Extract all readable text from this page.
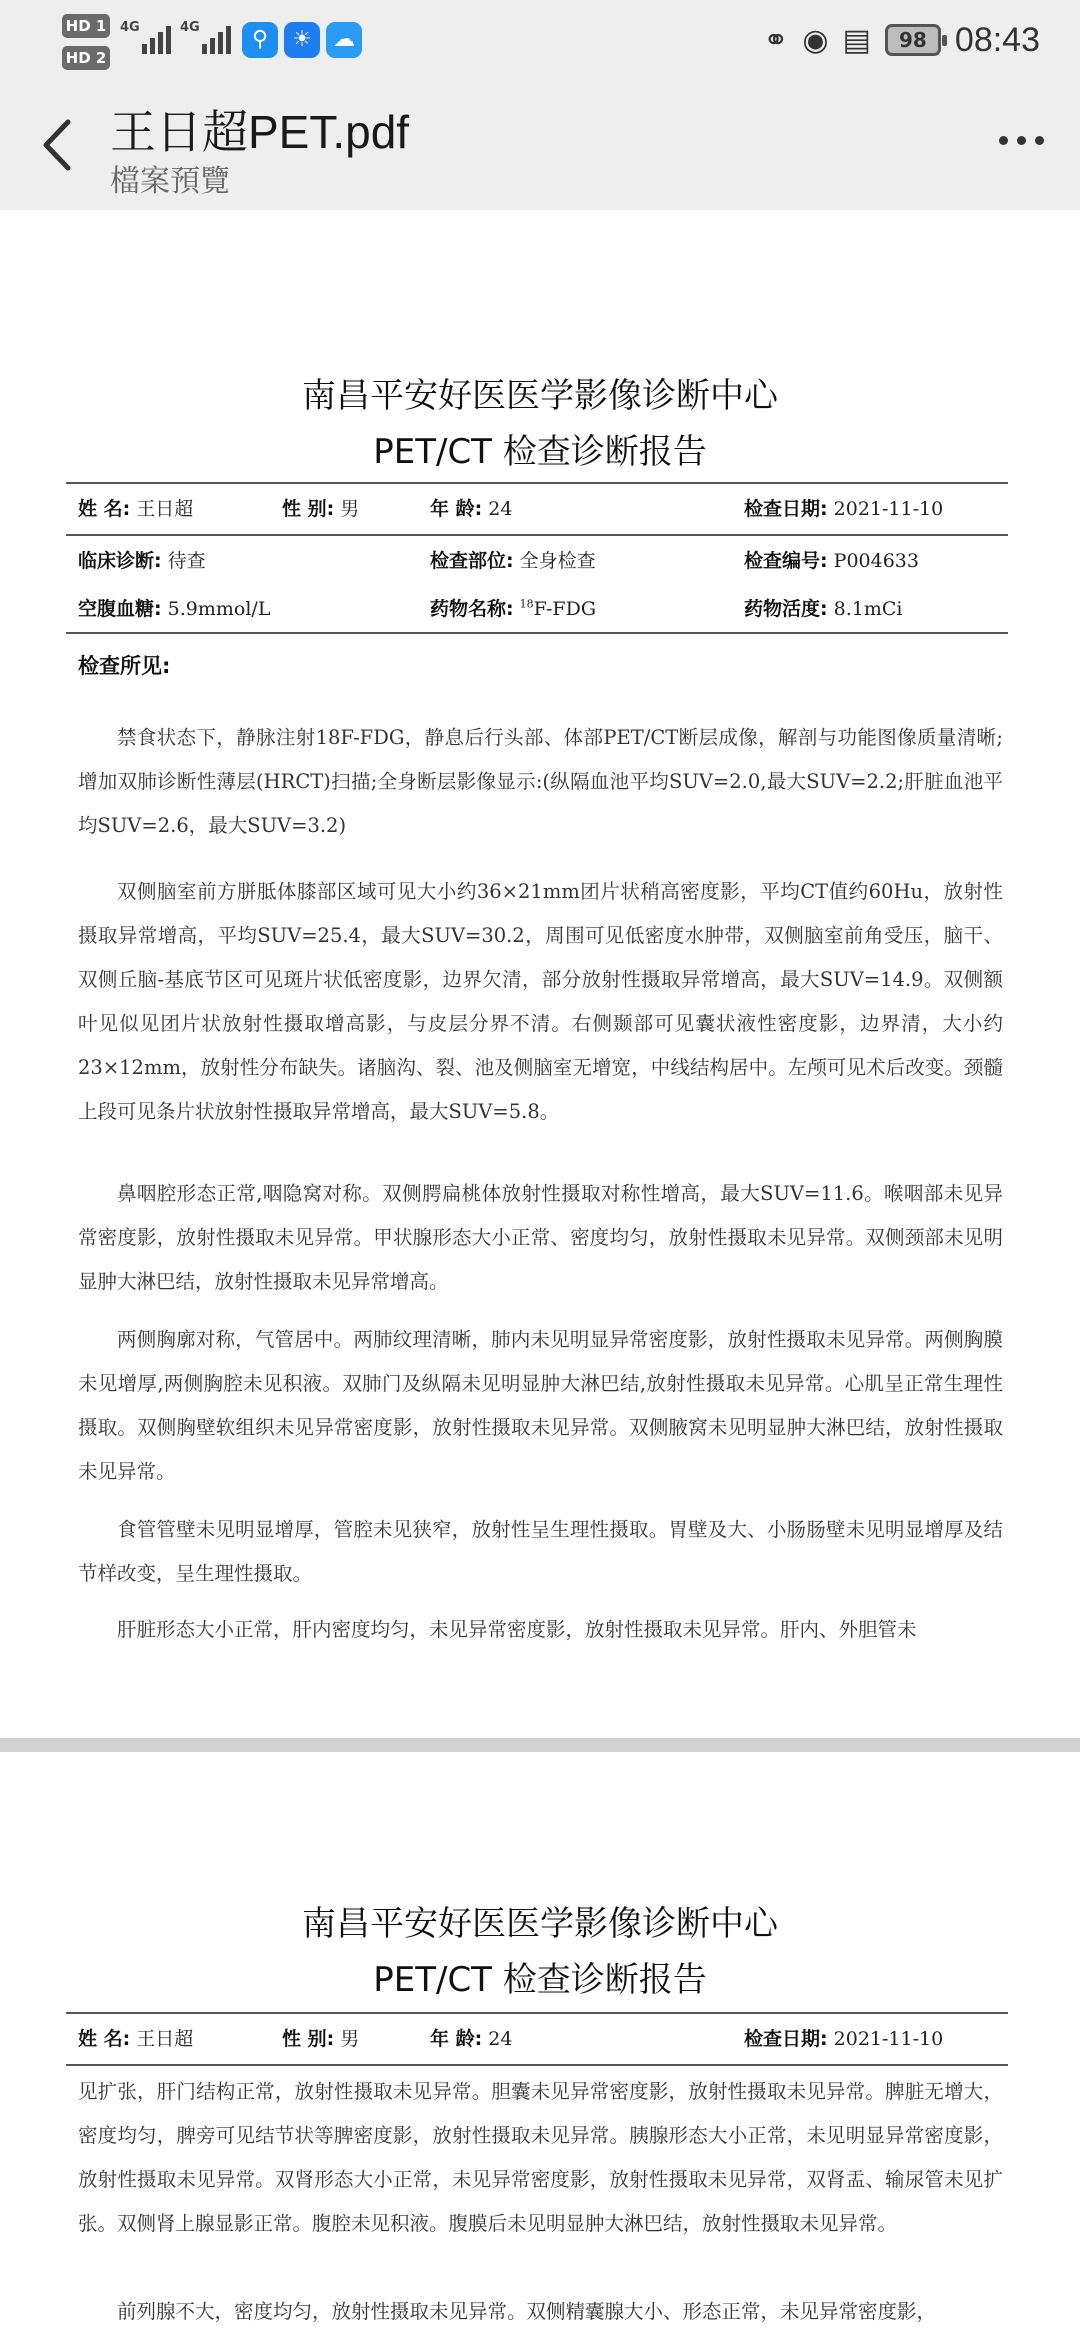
HD 1
HD 2
4G	4G	⚲	☀ ☁	⚭ ◉ ▤	98 08:43
王日超PET.pdf
檔案預覽
南昌平安好医医学影像诊断中心
PET/CT 检查诊断报告
姓 名: 王日超	性 别: 男	年 龄: 24	检查日期: 2021-11-10
临床诊断: 待查	检查部位: 全身检查	检查编号: P004633
空腹血糖: 5.9mmol/L	药物名称: $^{18}$F-FDG	药物活度: 8.1mCi
检查所见:
禁食状态下，静脉注射18F-FDG，静息后行头部、体部PET/CT断层成像，解剖与功能图像质量清晰;增加双肺诊断性薄层(HRCT)扫描;全身断层影像显示:(纵隔血池平均SUV=2.0,最大SUV=2.2;肝脏血池平均SUV=2.6，最大SUV=3.2)
双侧脑室前方胼胝体膝部区域可见大小约36×21mm团片状稍高密度影，平均CT值约60Hu，放射性摄取异常增高，平均SUV=25.4，最大SUV=30.2，周围可见低密度水肿带，双侧脑室前角受压，脑干、双侧丘脑-基底节区可见斑片状低密度影，边界欠清，部分放射性摄取异常增高，最大SUV=14.9。双侧额叶见似见团片状放射性摄取增高影，与皮层分界不清。右侧颞部可见囊状液性密度影，边界清，大小约23×12mm，放射性分布缺失。诸脑沟、裂、池及侧脑室无增宽，中线结构居中。左颅可见术后改变。颈髓上段可见条片状放射性摄取异常增高，最大SUV=5.8。
鼻咽腔形态正常,咽隐窝对称。双侧腭扁桃体放射性摄取对称性增高，最大SUV=11.6。喉咽部未见异常密度影，放射性摄取未见异常。甲状腺形态大小正常、密度均匀，放射性摄取未见异常。双侧颈部未见明显肿大淋巴结，放射性摄取未见异常增高。
两侧胸廓对称，气管居中。两肺纹理清晰，肺内未见明显异常密度影，放射性摄取未见异常。两侧胸膜未见增厚,两侧胸腔未见积液。双肺门及纵隔未见明显肿大淋巴结,放射性摄取未见异常。心肌呈正常生理性摄取。双侧胸壁软组织未见异常密度影，放射性摄取未见异常。双侧腋窝未见明显肿大淋巴结，放射性摄取未见异常。
食管管壁未见明显增厚，管腔未见狭窄，放射性呈生理性摄取。胃壁及大、小肠肠壁未见明显增厚及结节样改变，呈生理性摄取。
肝脏形态大小正常，肝内密度均匀，未见异常密度影，放射性摄取未见异常。肝内、外胆管未
南昌平安好医医学影像诊断中心
PET/CT 检查诊断报告
姓 名: 王日超	性 别: 男	年 龄: 24	检查日期: 2021-11-10
见扩张，肝门结构正常，放射性摄取未见异常。胆囊未见异常密度影，放射性摄取未见异常。脾脏无增大，密度均匀，脾旁可见结节状等脾密度影，放射性摄取未见异常。胰腺形态大小正常，未见明显异常密度影，放射性摄取未见异常。双肾形态大小正常，未见异常密度影，放射性摄取未见异常，双肾盂、输尿管未见扩张。双侧肾上腺显影正常。腹腔未见积液。腹膜后未见明显肿大淋巴结，放射性摄取未见异常。
前列腺不大，密度均匀，放射性摄取未见异常。双侧精囊腺大小、形态正常，未见异常密度影，
